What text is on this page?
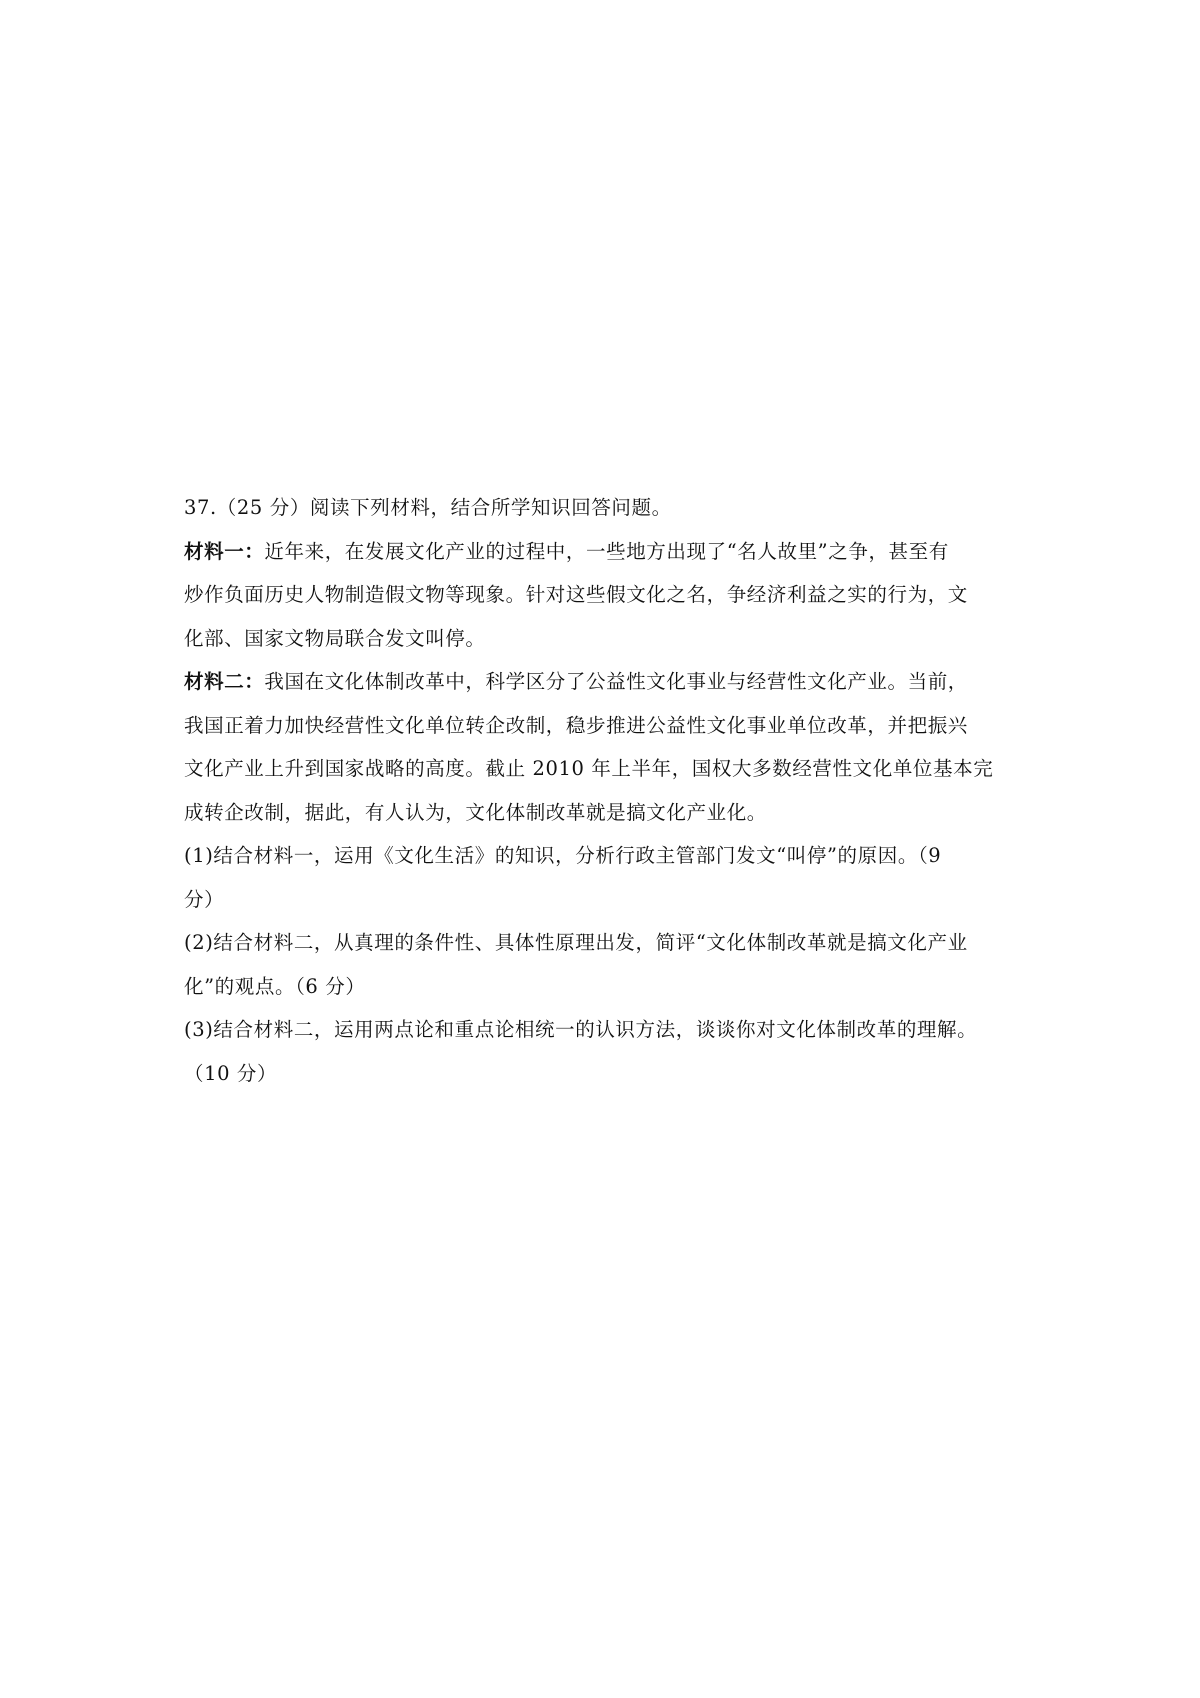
37.（25 分）阅读下列材料，结合所学知识回答问题。
材料一：近年来，在发展文化产业的过程中，一些地方出现了“名人故里”之争，甚至有
炒作负面历史人物制造假文物等现象。针对这些假文化之名，争经济利益之实的行为，文
化部、国家文物局联合发文叫停。
材料二：我国在文化体制改革中，科学区分了公益性文化事业与经营性文化产业。当前，
我国正着力加快经营性文化单位转企改制，稳步推进公益性文化事业单位改革，并把振兴
文化产业上升到国家战略的高度。截止 2010 年上半年，国权大多数经营性文化单位基本完
成转企改制，据此，有人认为，文化体制改革就是搞文化产业化。
(1)结合材料一，运用《文化生活》的知识，分析行政主管部门发文“叫停”的原因。（9
分）
(2)结合材料二，从真理的条件性、具体性原理出发，简评“文化体制改革就是搞文化产业
化”的观点。（6 分）
(3)结合材料二，运用两点论和重点论相统一的认识方法，谈谈你对文化体制改革的理解。
（10 分）
